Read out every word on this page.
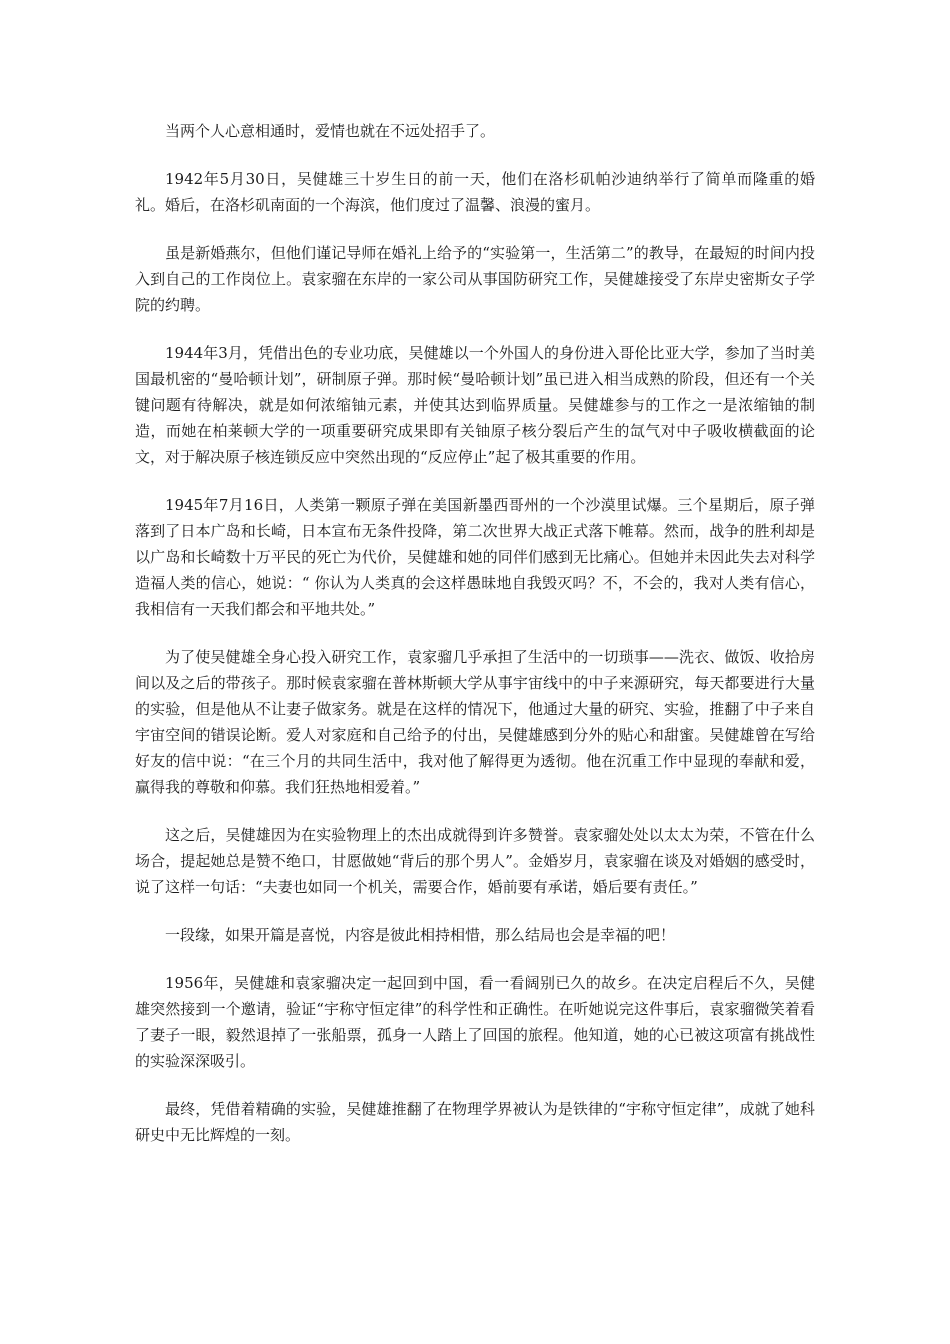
当两个人心意相通时，爱情也就在不远处招手了。

1942年5月30日，吴健雄三十岁生日的前一天，他们在洛杉矶帕沙迪纳举行了简单而隆重的婚礼。婚后，在洛杉矶南面的一个海滨，他们度过了温馨、浪漫的蜜月。

虽是新婚燕尔，但他们谨记导师在婚礼上给予的“实验第一，生活第二”的教导，在最短的时间内投入到自己的工作岗位上。袁家骝在东岸的一家公司从事国防研究工作，吴健雄接受了东岸史密斯女子学院的约聘。

1944年3月，凭借出色的专业功底，吴健雄以一个外国人的身份进入哥伦比亚大学，参加了当时美国最机密的“曼哈顿计划”，研制原子弹。那时候“曼哈顿计划”虽已进入相当成熟的阶段，但还有一个关键问题有待解决，就是如何浓缩铀元素，并使其达到临界质量。吴健雄参与的工作之一是浓缩铀的制造，而她在柏莱顿大学的一项重要研究成果即有关铀原子核分裂后产生的氙气对中子吸收横截面的论文，对于解决原子核连锁反应中突然出现的“反应停止”起了极其重要的作用。

1945年7月16日，人类第一颗原子弹在美国新墨西哥州的一个沙漠里试爆。三个星期后，原子弹落到了日本广岛和长崎，日本宣布无条件投降，第二次世界大战正式落下帷幕。然而，战争的胜利却是以广岛和长崎数十万平民的死亡为代价，吴健雄和她的同伴们感到无比痛心。但她并未因此失去对科学造福人类的信心，她说：“ 你认为人类真的会这样愚昧地自我毁灭吗？不，不会的，我对人类有信心，我相信有一天我们都会和平地共处。”

为了使吴健雄全身心投入研究工作，袁家骝几乎承担了生活中的一切琐事——洗衣、做饭、收拾房间以及之后的带孩子。那时候袁家骝在普林斯顿大学从事宇宙线中的中子来源研究，每天都要进行大量的实验，但是他从不让妻子做家务。就是在这样的情况下，他通过大量的研究、实验，推翻了中子来自宇宙空间的错误论断。爱人对家庭和自己给予的付出，吴健雄感到分外的贴心和甜蜜。吴健雄曾在写给好友的信中说：“在三个月的共同生活中，我对他了解得更为透彻。他在沉重工作中显现的奉献和爱，赢得我的尊敬和仰慕。我们狂热地相爱着。”

这之后，吴健雄因为在实验物理上的杰出成就得到许多赞誉。袁家骝处处以太太为荣，不管在什么场合，提起她总是赞不绝口，甘愿做她“背后的那个男人”。金婚岁月，袁家骝在谈及对婚姻的感受时，说了这样一句话：“夫妻也如同一个机关，需要合作，婚前要有承诺，婚后要有责任。”

一段缘，如果开篇是喜悦，内容是彼此相持相惜，那么结局也会是幸福的吧！

1956年，吴健雄和袁家骝决定一起回到中国，看一看阔别已久的故乡。在决定启程后不久，吴健雄突然接到一个邀请，验证“宇称守恒定律”的科学性和正确性。在听她说完这件事后，袁家骝微笑着看了妻子一眼，毅然退掉了一张船票，孤身一人踏上了回国的旅程。他知道，她的心已被这项富有挑战性的实验深深吸引。

最终，凭借着精确的实验，吴健雄推翻了在物理学界被认为是铁律的“宇称守恒定律”，成就了她科研史中无比辉煌的一刻。
